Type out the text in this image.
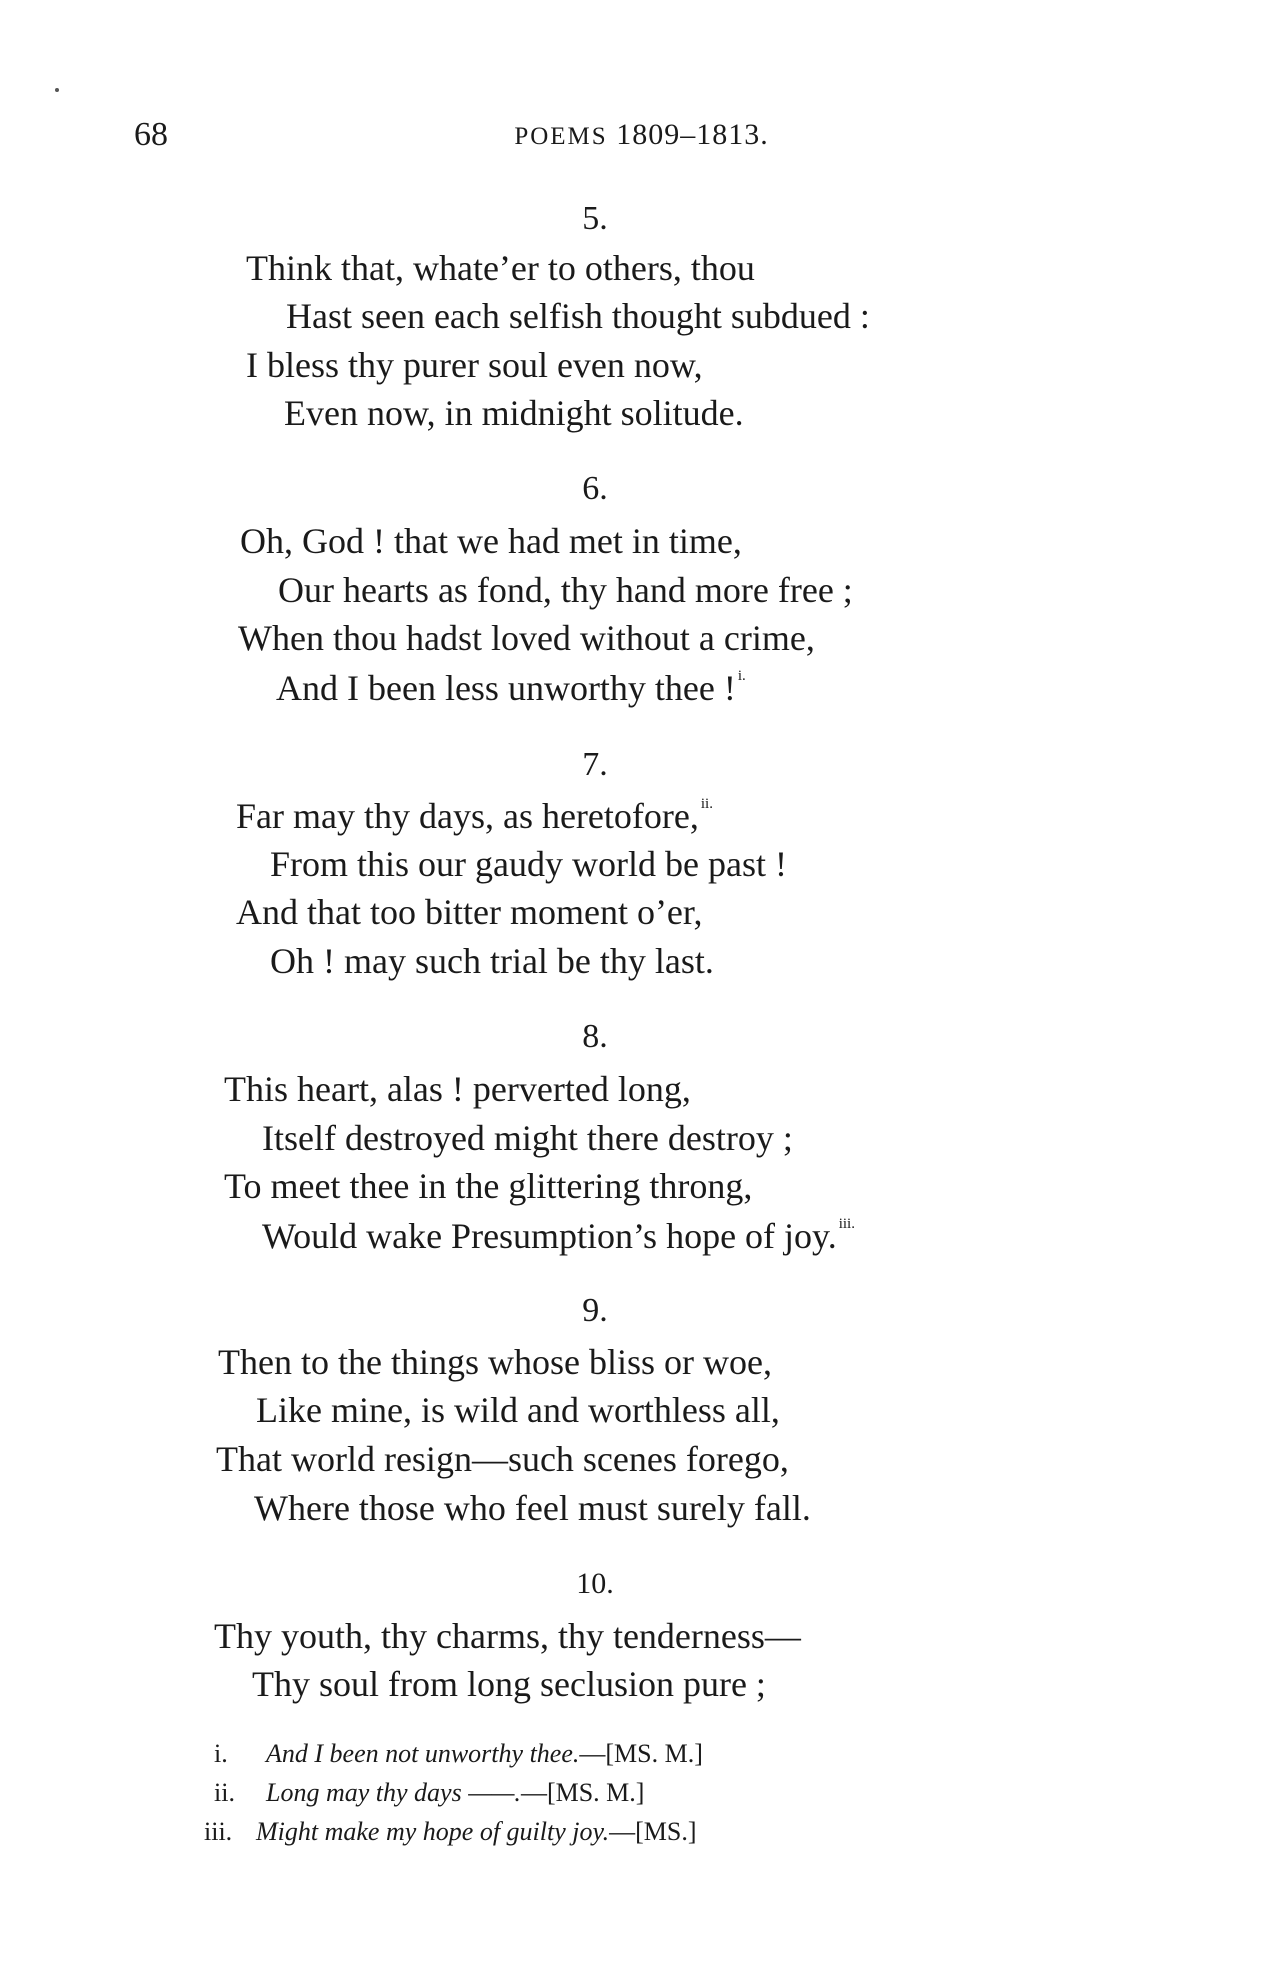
68	POEMS 1809–1813.
5.
Think that, whate’er to others, thou
Hast seen each selfish thought subdued :
I bless thy purer soul even now,
Even now, in midnight solitude.
6.
Oh, God ! that we had met in time,
Our hearts as fond, thy hand more free ;
When thou hadst loved without a crime,
And I been less unworthy thee ! $^{i.}$
7.
Far may thy days, as heretofore, $^{ii.}$
From this our gaudy world be past !
And that too bitter moment o’er,
Oh ! may such trial be thy last.
8.
This heart, alas ! perverted long,
Itself destroyed might there destroy ;
To meet thee in the glittering throng,
Would wake Presumption’s hope of joy. $^{iii.}$
9.
Then to the things whose bliss or woe,
Like mine, is wild and worthless all,
That world resign—such scenes forego,
Where those who feel must surely fall.
10.
Thy youth, thy charms, thy tenderness—
Thy soul from long seclusion pure ;
i. And I been not unworthy thee.—[MS. M.]
ii. Long may thy days ——.—[MS. M.]
iii. Might make my hope of guilty joy.—[MS.]
